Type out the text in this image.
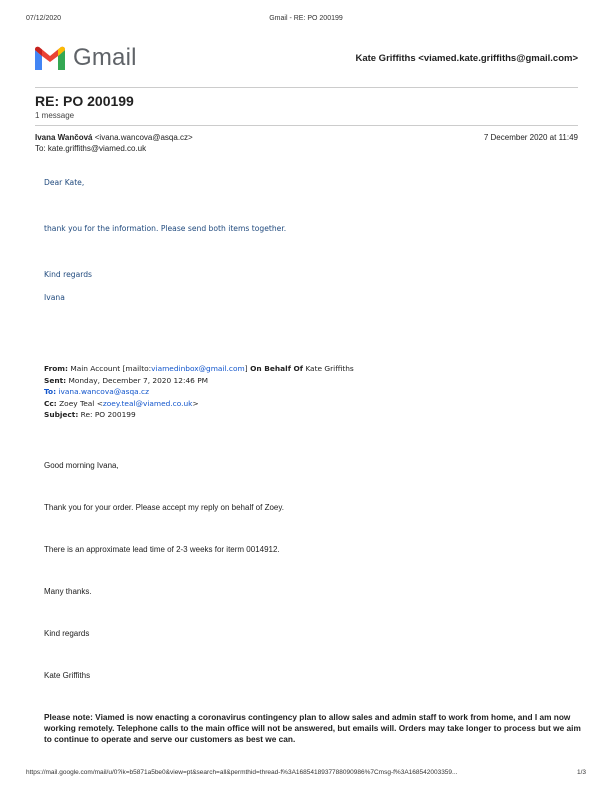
07/12/2020	Gmail - RE: PO 200199
Gmail	Kate Griffiths <viamed.kate.griffiths@gmail.com>
RE: PO 200199
1 message
Ivana Wančová <ivana.wancova@asqa.cz>
To: kate.griffiths@viamed.co.uk
7 December 2020 at 11:49
Dear Kate,
thank you for the information. Please send both items together.
Kind regards
Ivana
From: Main Account [mailto:viamedinbox@gmail.com] On Behalf Of Kate Griffiths
Sent: Monday, December 7, 2020 12:46 PM
To: ivana.wancova@asqa.cz
Cc: Zoey Teal <zoey.teal@viamed.co.uk>
Subject: Re: PO 200199
Good morning Ivana,
Thank you for your order. Please accept my reply on behalf of Zoey.
There is an approximate lead time of 2-3 weeks for iterm 0014912.
Many thanks.
Kind regards
Kate Griffiths
Please note: Viamed is now enacting a coronavirus contingency plan to allow sales and admin staff to work from home, and I am now working remotely. Telephone calls to the main office will not be answered, but emails will. Orders may take longer to process but we aim to continue to operate and serve our customers as best we can.
https://mail.google.com/mail/u/0?ik=b5871a5be0&view=pt&search=all&permthid=thread-f%3A1685418937788090986%7Cmsg-f%3A168542003359...	1/3
